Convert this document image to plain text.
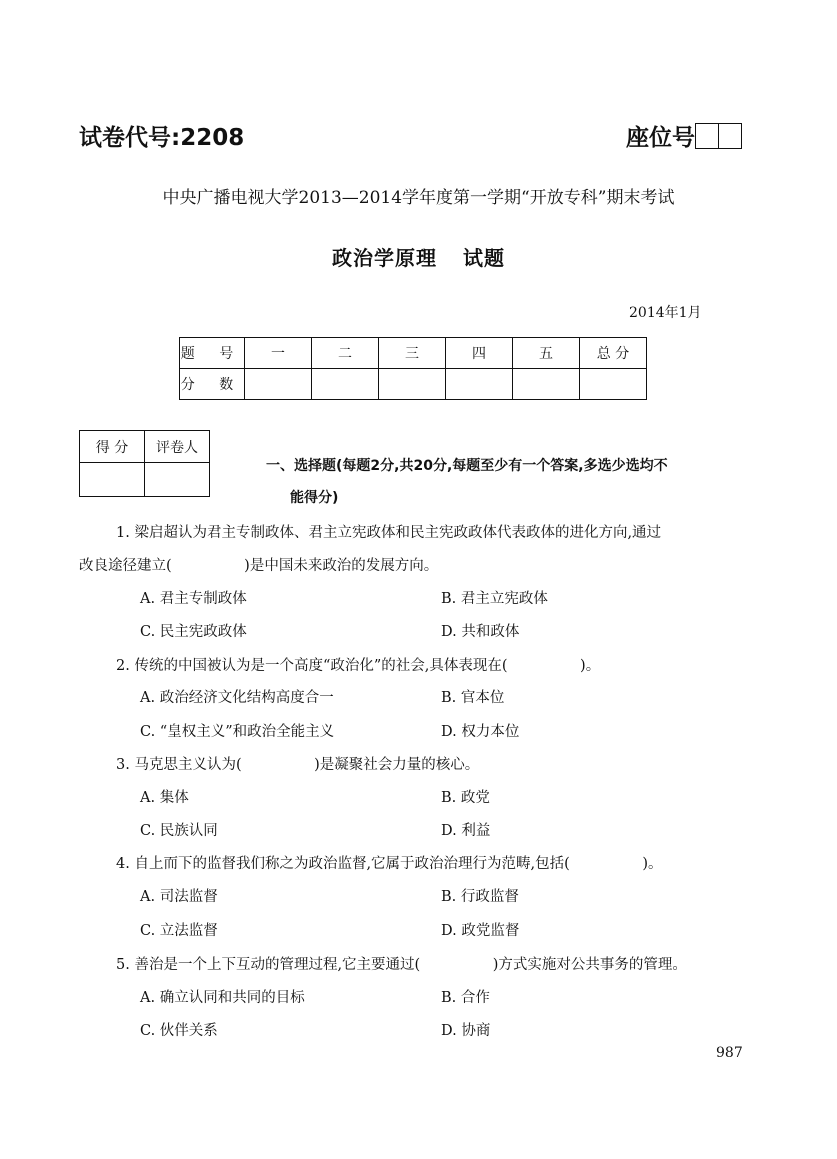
试卷代号:2208	座位号
中央广播电视大学2013—2014学年度第一学期“开放专科”期末考试
政治学原理 试题
2014年1月
题 号	一	二	三	四	五	总 分
分 数						
得 分	评卷人

一、选择题(每题2分,共20分,每题至少有一个答案,多选少选均不
能得分)
1. 梁启超认为君主专制政体、君主立宪政体和民主宪政政体代表政体的进化方向,通过
改良途径建立(　　　　　)是中国未来政治的发展方向。
A. 君主专制政体	B. 君主立宪政体
C. 民主宪政政体	D. 共和政体
2. 传统的中国被认为是一个高度“政治化”的社会,具体表现在(　　　　　)。
A. 政治经济文化结构高度合一	B. 官本位
C. “皇权主义”和政治全能主义	D. 权力本位
3. 马克思主义认为(　　　　　)是凝聚社会力量的核心。
A. 集体	B. 政党
C. 民族认同	D. 利益
4. 自上而下的监督我们称之为政治监督,它属于政治治理行为范畴,包括(　　　　　)。
A. 司法监督	B. 行政监督
C. 立法监督	D. 政党监督
5. 善治是一个上下互动的管理过程,它主要通过(　　　　　)方式实施对公共事务的管理。
A. 确立认同和共同的目标	B. 合作
C. 伙伴关系	D. 协商
987
